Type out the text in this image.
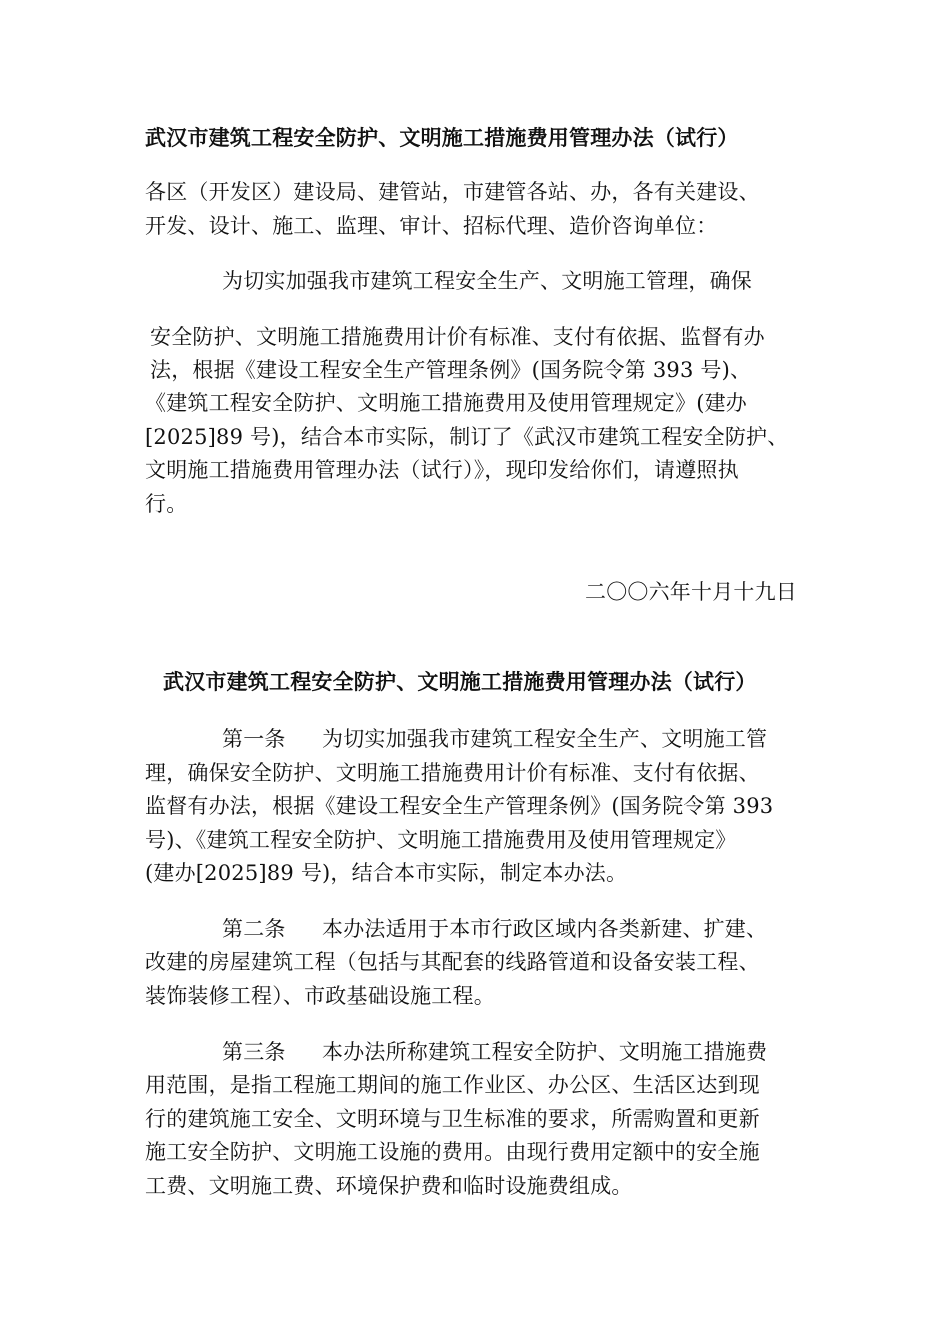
武汉市建筑工程安全防护、文明施工措施费用管理办法（试行）
各区（开发区）建设局、建管站，市建管各站、办，各有关建设、
开发、设计、施工、监理、审计、招标代理、造价咨询单位：
为切实加强我市建筑工程安全生产、文明施工管理，确保
安全防护、文明施工措施费用计价有标准、支付有依据、监督有办
法，根据《建设工程安全生产管理条例》(国务院令第 393 号)、
《建筑工程安全防护、文明施工措施费用及使用管理规定》(建办
[2025]89 号)，结合本市实际，制订了《武汉市建筑工程安全防护、
文明施工措施费用管理办法（试行）》，现印发给你们，请遵照执
行。
二〇〇六年十月十九日
武汉市建筑工程安全防护、文明施工措施费用管理办法（试行）
第一条 为切实加强我市建筑工程安全生产、文明施工管
理，确保安全防护、文明施工措施费用计价有标准、支付有依据、
监督有办法，根据《建设工程安全生产管理条例》(国务院令第 393
号)、《建筑工程安全防护、文明施工措施费用及使用管理规定》
(建办[2025]89 号)，结合本市实际，制定本办法。
第二条 本办法适用于本市行政区域内各类新建、扩建、
改建的房屋建筑工程（包括与其配套的线路管道和设备安装工程、
装饰装修工程）、市政基础设施工程。
第三条 本办法所称建筑工程安全防护、文明施工措施费
用范围，是指工程施工期间的施工作业区、办公区、生活区达到现
行的建筑施工安全、文明环境与卫生标准的要求，所需购置和更新
施工安全防护、文明施工设施的费用。由现行费用定额中的安全施
工费、文明施工费、环境保护费和临时设施费组成。
